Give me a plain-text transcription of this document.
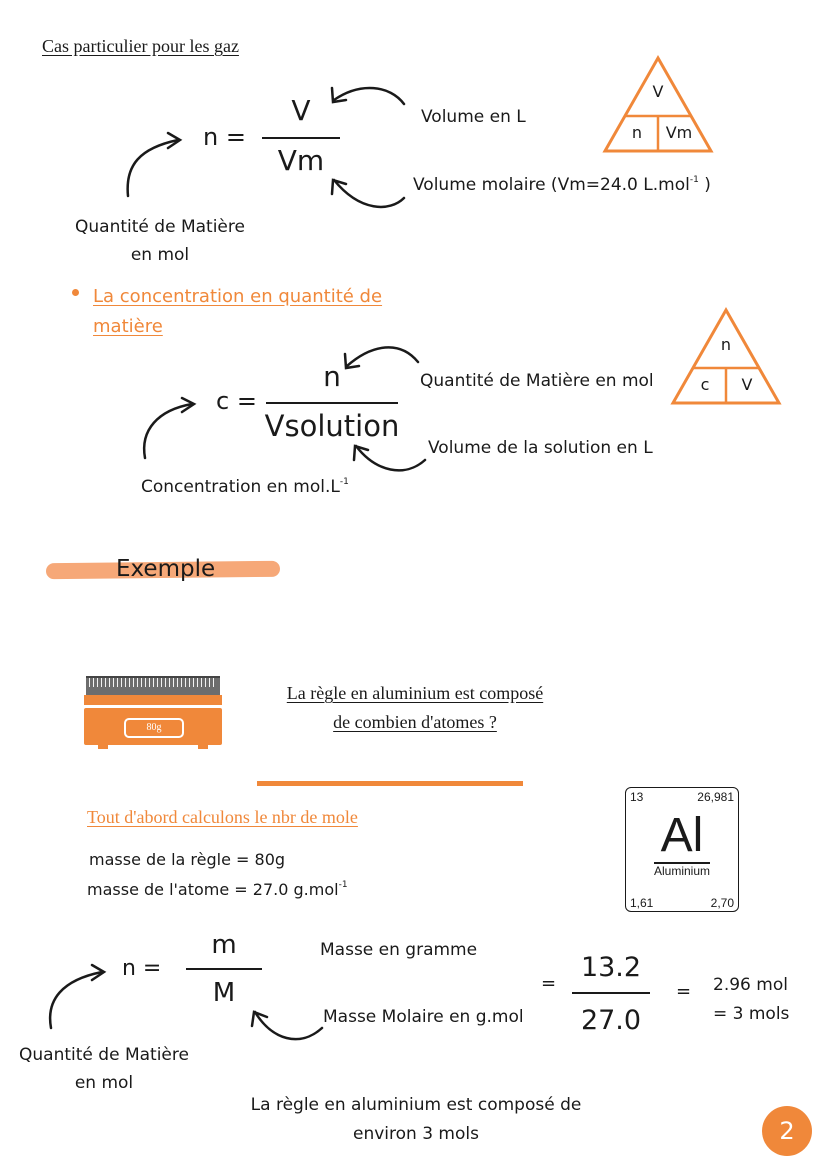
Cas particulier pour les gaz
n =
V
Vm
Volume en L
Volume molaire (Vm=24.0 L.mol$^{-1}$ )
Quantité de Matière
en mol
V
n	Vm
La concentration en quantité de
matière
c =
n
Vsolution
Quantité de Matière en mol
Volume de la solution en L
Concentration en $mol.L^{-1}$
n
c	V
Exemple
80g
La règle en aluminium est composé
de combien d'atomes ?
Tout d'abord calculons le nbr de mole
masse de la règle = 80g
masse de l'atome = 27.0 g.mol$^{-1}$
13	26,981
Al
Aluminium
1,61	2,70
n =
m
M
Masse en gramme
Masse Molaire en g.mol
Quantité de Matière
en mol
=
13.2
27.0
= 2.96 mol
= 3 mols
La règle en aluminium est composé de
environ 3 mols	2
